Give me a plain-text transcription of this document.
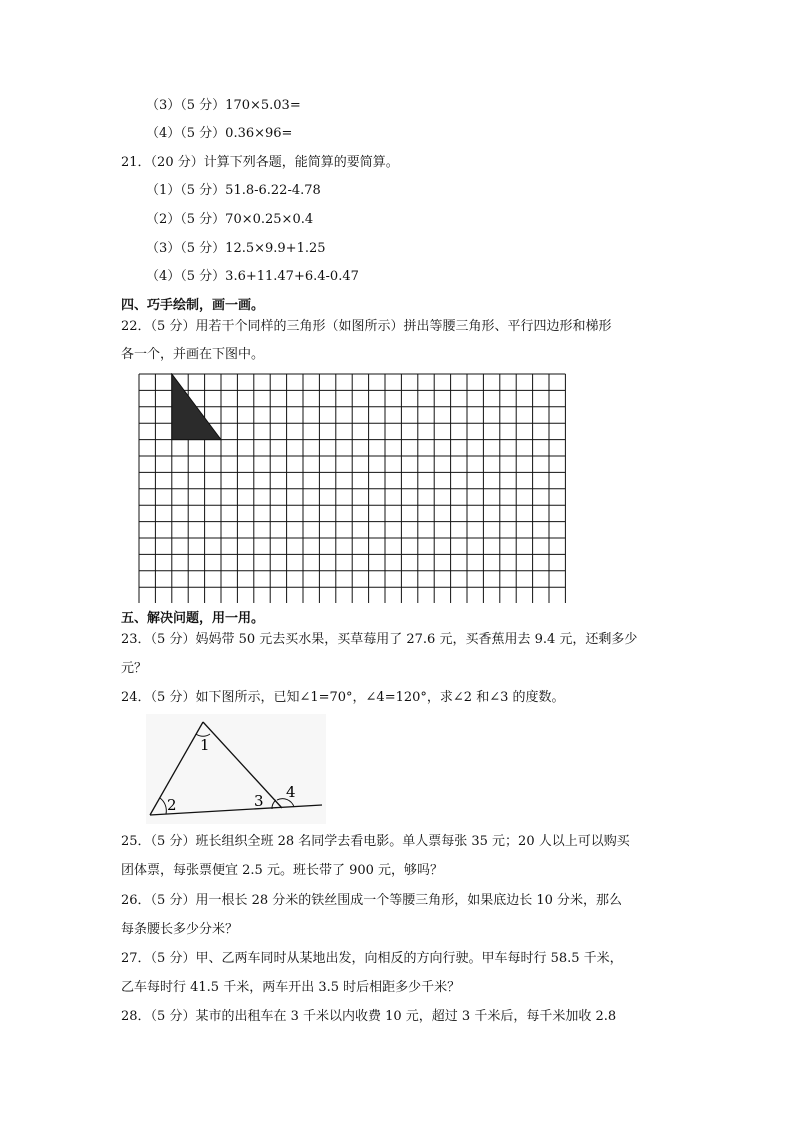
（3）（5 分）170×5.03=
（4）（5 分）0.36×96=
21．（20 分）计算下列各题，能简算的要简算。
（1）（5 分）51.8-6.22-4.78
（2）（5 分）70×0.25×0.4
（3）（5 分）12.5×9.9+1.25
（4）（5 分）3.6+11.47+6.4-0.47
四、巧手绘制，画一画。
22．（5 分）用若干个同样的三角形（如图所示）拼出等腰三角形、平行四边形和梯形
各一个，并画在下图中。
五、解决问题，用一用。
23．（5 分）妈妈带 50 元去买水果，买草莓用了 27.6 元，买香蕉用去 9.4 元，还剩多少
元？
24．（5 分）如下图所示，已知∠1=70°，∠4=120°，求∠2 和∠3 的度数。
1
2	3 4
25．（5 分）班长组织全班 28 名同学去看电影。单人票每张 35 元；20 人以上可以购买
团体票，每张票便宜 2.5 元。班长带了 900 元，够吗？
26．（5 分）用一根长 28 分米的铁丝围成一个等腰三角形，如果底边长 10 分米，那么
每条腰长多少分米？
27．（5 分）甲、乙两车同时从某地出发，向相反的方向行驶。甲车每时行 58.5 千米，
乙车每时行 41.5 千米，两车开出 3.5 时后相距多少千米？
28．（5 分）某市的出租车在 3 千米以内收费 10 元，超过 3 千米后，每千米加收 2.8
